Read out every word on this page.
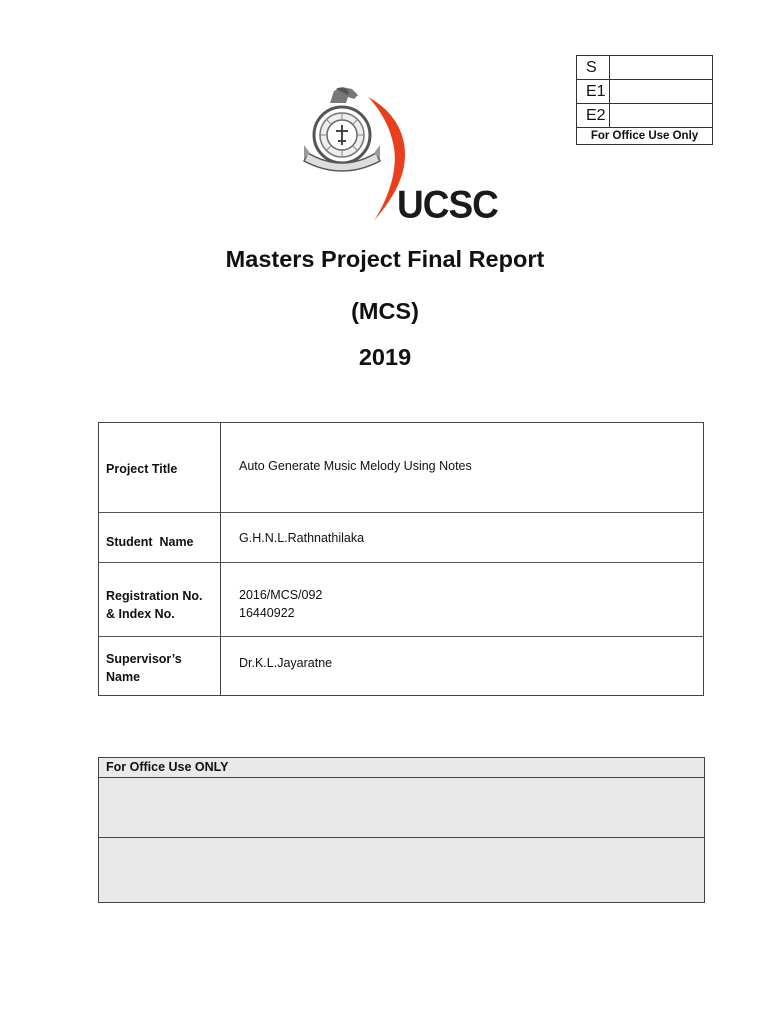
S
E1
E2
For Office Use Only
UCSC
Masters Project Final Report
(MCS)
2019
Project Title	Auto Generate Music Melody Using Notes
Student  Name	G.H.N.L.Rathnathilaka
Registration No.
& Index No.
2016/MCS/092
16440922
Supervisor’s
Name
Dr.K.L.Jayaratne
For Office Use ONLY
